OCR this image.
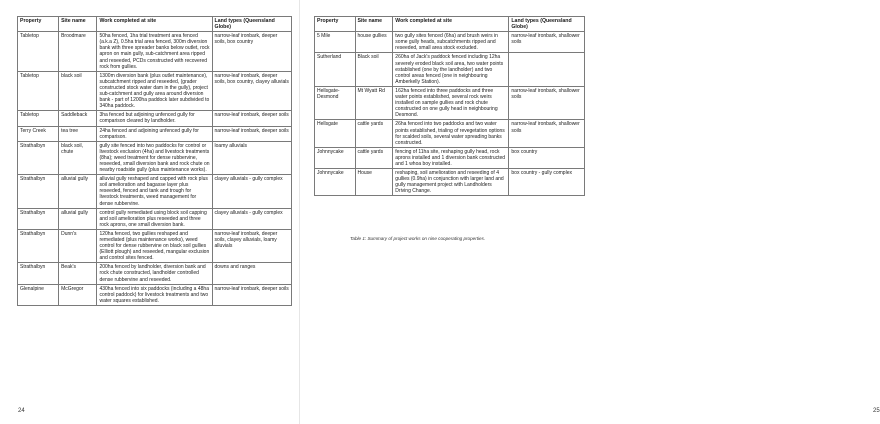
24	25
Property	Site name	Work completed at site	Land types (Queensland Globe)
Tabletop	Broodmare	50ha fenced, 1ha trial treatment area fenced (a.k.a Z), 0.5ha trial area fenced, 300m diversion bank with three spreader banks below outlet, rock apron on main gully, sub-catchment area ripped and reseeded, PCDs constructed with recovered rock from gullies.	narrow-leaf ironbark, deeper soils, box country
Tabletop	black soil	1300m diversion bank (plus outlet maintenance), subcatchment ripped and reseeded, (grader constructed stock water dam in the gully), project sub-catchment and gully area around diversion bank - part of 1200ha paddock later subdivided to 340ha paddock.	narrow-leaf ironbark, deeper soils, box country, clayey alluvials
Tabletop	Saddleback	3ha fenced but adjoining unfenced gully for comparison cleared by landholder.	narrow-leaf ironbark, deeper soils
Terry Creek	tea tree	24ha fenced and adjoining unfenced gully for comparison.	narrow-leaf ironbark, deeper soils
Strathalbyn	black soil, chute	gully site fenced into two paddocks for control or livestock exclusion (4ha) and livestock treatments (8ha); weed treatment for dense rubbervine, reseeded, small diversion bank and rock chute on nearby roadside gully (plus maintenance works).	loamy alluvials
Strathalbyn	alluvial gully	alluvial gully reshaped and capped with rock plus soil amelioration and bagasse layer plus reseeded, fenced and tank and trough for livestock treatments, weed management for dense rubbervine.	clayey alluvials - gully complex
Strathalbyn	alluvial gully	control gully remediated using block soil capping and soil amelioration plus reseeded and three rock aprons, one small diversion bank.	clayey alluvials - gully complex
Strathalbyn	Dunn's	120ha fenced, two gullies reshaped and remediated (plus maintenance works), weed control for dense rubbervine on black soil gullies (Elliott plough) and reseeded, mangular exclusion and control sites fenced.	narrow-leaf ironbark, deeper soils, clayey alluvials, loamy alluvials
Strathalbyn	Beak's	200ha fenced by landholder, diversion bank and rock chute constructed, landholder controlled dense rubbervine and reseeded.	downs and ranges
Glenalpine	McGregor	430ha fenced into six paddocks (including a 48ha control paddock) for livestock treatments and two water squares established.	narrow-leaf ironbark, deeper soils
Property	Site name	Work completed at site	Land types (Queensland Globe)
5 Mile	house gullies	two gully sites fenced (6ha) and brush weirs in some gully heads, subcatchments ripped and reseeded, small area stock excluded.	narrow-leaf ironbark, shallower soils
Sutherland	Black soil	260ha of Jack's paddock fenced including 12ha severely eroded black soil area, two water points established (one by the landholder) and two control areas fenced (one in neighbouring Amberkelly Station).	
Hellsgate-Desmond	Mt Wyatt Rd	162ha fenced into three paddocks and three water points established, several rock weirs installed on sample gullies and rock chute constructed on one gully head in neighbouring Desmond.	narrow-leaf ironbark, shallower soils
Hellsgate	cattle yards	26ha fenced into two paddocks and two water points established, trialing of revegetation options for scalded soils, several water spreading banks constructed.	narrow-leaf ironbark, shallower soils
Johnnycake	cattle yards	fencing of 11ha site, reshaping gully head, rock aprons installed and 1 diversion bank constructed and 1 whoa boy installed.	box country
Johnnycake	House	reshaping, soil amelioration and reseeding of 4 gullies (0.9ha) in conjunction with larger land and gully management project with Landholders Driving Change.	box country - gully complex
Table 1: Summary of project works on nine cooperating properties.
